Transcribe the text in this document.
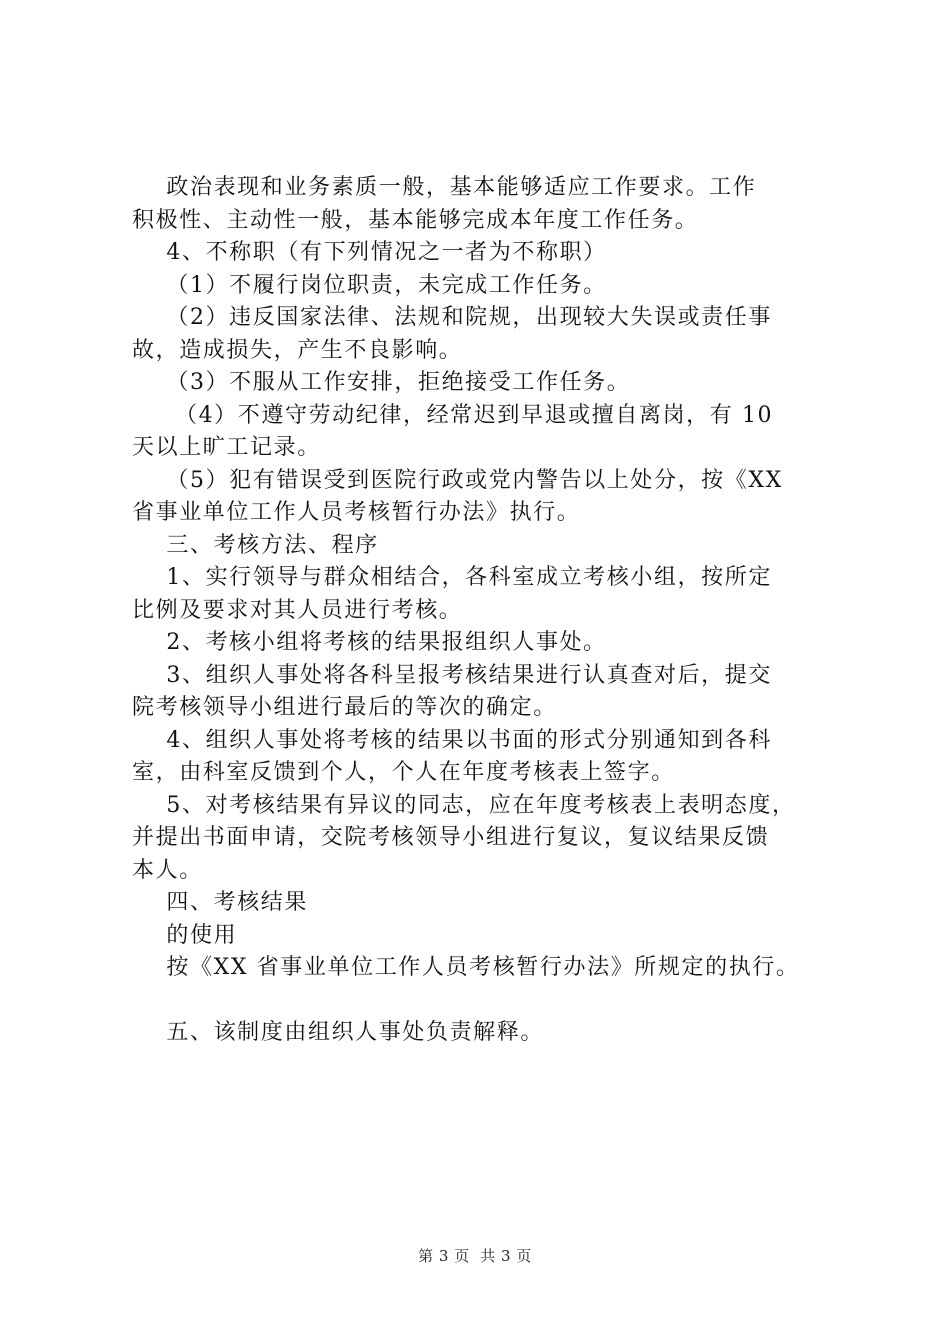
政治表现和业务素质一般，基本能够适应工作要求。工作
积极性、主动性一般，基本能够完成本年度工作任务。
4、不称职（有下列情况之一者为不称职）
（1）不履行岗位职责，未完成工作任务。
（2）违反国家法律、法规和院规，出现较大失误或责任事
故，造成损失，产生不良影响。
（3）不服从工作安排，拒绝接受工作任务。
（4）不遵守劳动纪律，经常迟到早退或擅自离岗，有 10
天以上旷工记录。
（5）犯有错误受到医院行政或党内警告以上处分，按《XX
省事业单位工作人员考核暂行办法》执行。
三、考核方法、程序
1、实行领导与群众相结合，各科室成立考核小组，按所定
比例及要求对其人员进行考核。
2、考核小组将考核的结果报组织人事处。
3、组织人事处将各科呈报考核结果进行认真查对后，提交
院考核领导小组进行最后的等次的确定。
4、组织人事处将考核的结果以书面的形式分别通知到各科
室，由科室反馈到个人，个人在年度考核表上签字。
5、对考核结果有异议的同志，应在年度考核表上表明态度，
并提出书面申请，交院考核领导小组进行复议，复议结果反馈
本人。
四、考核结果
的使用
按《XX 省事业单位工作人员考核暂行办法》所规定的执行。
五、该制度由组织人事处负责解释。
第 3 页  共 3 页
